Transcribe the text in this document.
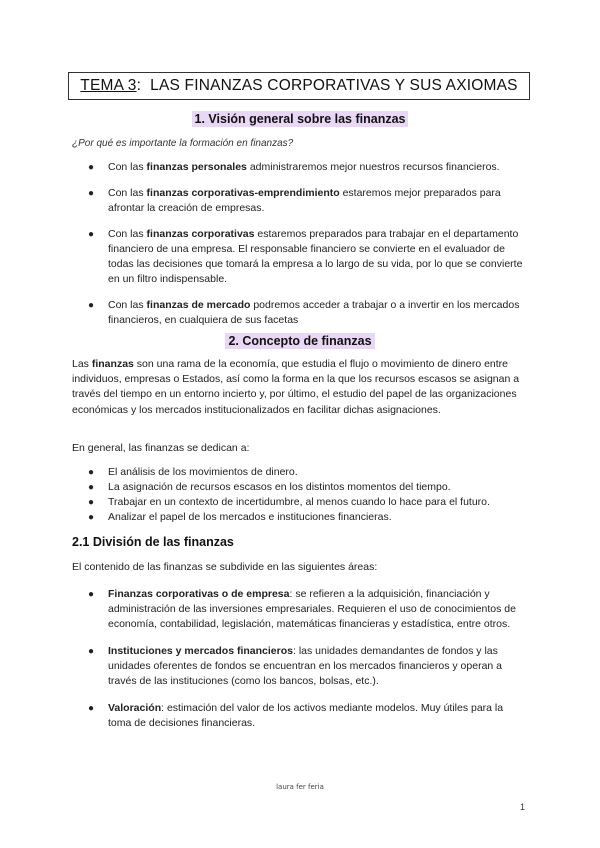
TEMA 3 :  LAS FINANZAS CORPORATIVAS Y SUS AXIOMAS
1. Visión general sobre las finanzas
¿Por qué es importante la formación en finanzas?
● Con las finanzas personales administraremos mejor nuestros recursos financieros.
● Con las finanzas corporativas-emprendimiento estaremos mejor preparados para afrontar la creación de empresas.
● Con las finanzas corporativas estaremos preparados para trabajar en el departamento financiero de una empresa. El responsable financiero se convierte en el evaluador de todas las decisiones que tomará la empresa a lo largo de su vida, por lo que se convierte en un filtro indispensable.
● Con las finanzas de mercado podremos acceder a trabajar o a invertir en los mercados financieros, en cualquiera de sus facetas
2. Concepto de finanzas

Las finanzas son una rama de la economía, que estudia el flujo o movimiento de dinero entre individuos, empresas o Estados, así como la forma en la que los recursos escasos se asignan a través del tiempo en un entorno incierto y, por último, el estudio del papel de las organizaciones económicas y los mercados institucionalizados en facilitar dichas asignaciones.

En general, las finanzas se dedican a:

● El análisis de los movimientos de dinero.
● La asignación de recursos escasos en los distintos momentos del tiempo.
● Trabajar en un contexto de incertidumbre, al menos cuando lo hace para el futuro.
● Analizar el papel de los mercados e instituciones financieras.
2.1 División de las finanzas

El contenido de las finanzas se subdivide en las siguientes áreas:

● Finanzas corporativas o de empresa: se refieren a la adquisición, financiación y administración de las inversiones empresariales. Requieren el uso de conocimientos de economía, contabilidad, legislación, matemáticas financieras y estadística, entre otros.
● Instituciones y mercados financieros: las unidades demandantes de fondos y las unidades oferentes de fondos se encuentran en los mercados financieros y operan a través de las instituciones (como los bancos, bolsas, etc.).
● Valoración: estimación del valor de los activos mediante modelos. Muy útiles para la toma de decisiones financieras.
laura fer feria
1
